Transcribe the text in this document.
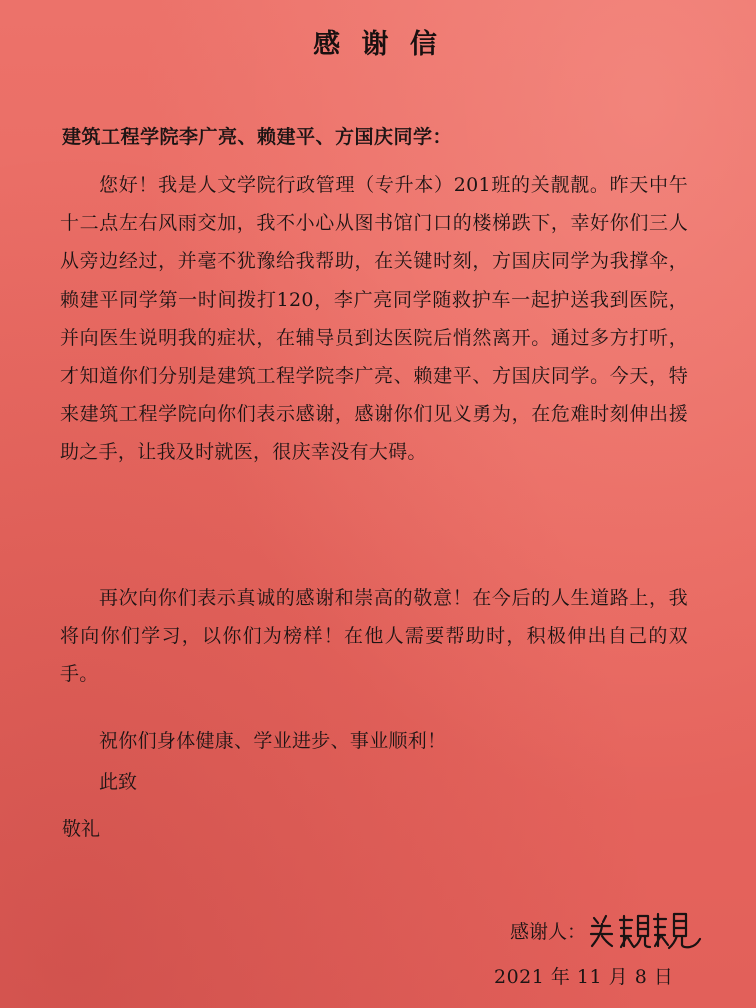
感 谢 信
建筑工程学院李广亮、赖建平、方国庆同学：
您好！我是人文学院行政管理（专升本）201班的关靓靓。昨天中午十二点左右风雨交加，我不小心从图书馆门口的楼梯跌下，幸好你们三人从旁边经过，并毫不犹豫给我帮助，在关键时刻，方国庆同学为我撑伞，赖建平同学第一时间拨打120，李广亮同学随救护车一起护送我到医院，并向医生说明我的症状，在辅导员到达医院后悄然离开。通过多方打听，才知道你们分别是建筑工程学院李广亮、赖建平、方国庆同学。今天，特来建筑工程学院向你们表示感谢，感谢你们见义勇为，在危难时刻伸出援助之手，让我及时就医，很庆幸没有大碍。
再次向你们表示真诚的感谢和崇高的敬意！在今后的人生道路上，我将向你们学习，以你们为榜样！在他人需要帮助时，积极伸出自己的双手。
祝你们身体健康、学业进步、事业顺利！
此致
敬礼
感谢人：
2021 年 11 月 8 日
